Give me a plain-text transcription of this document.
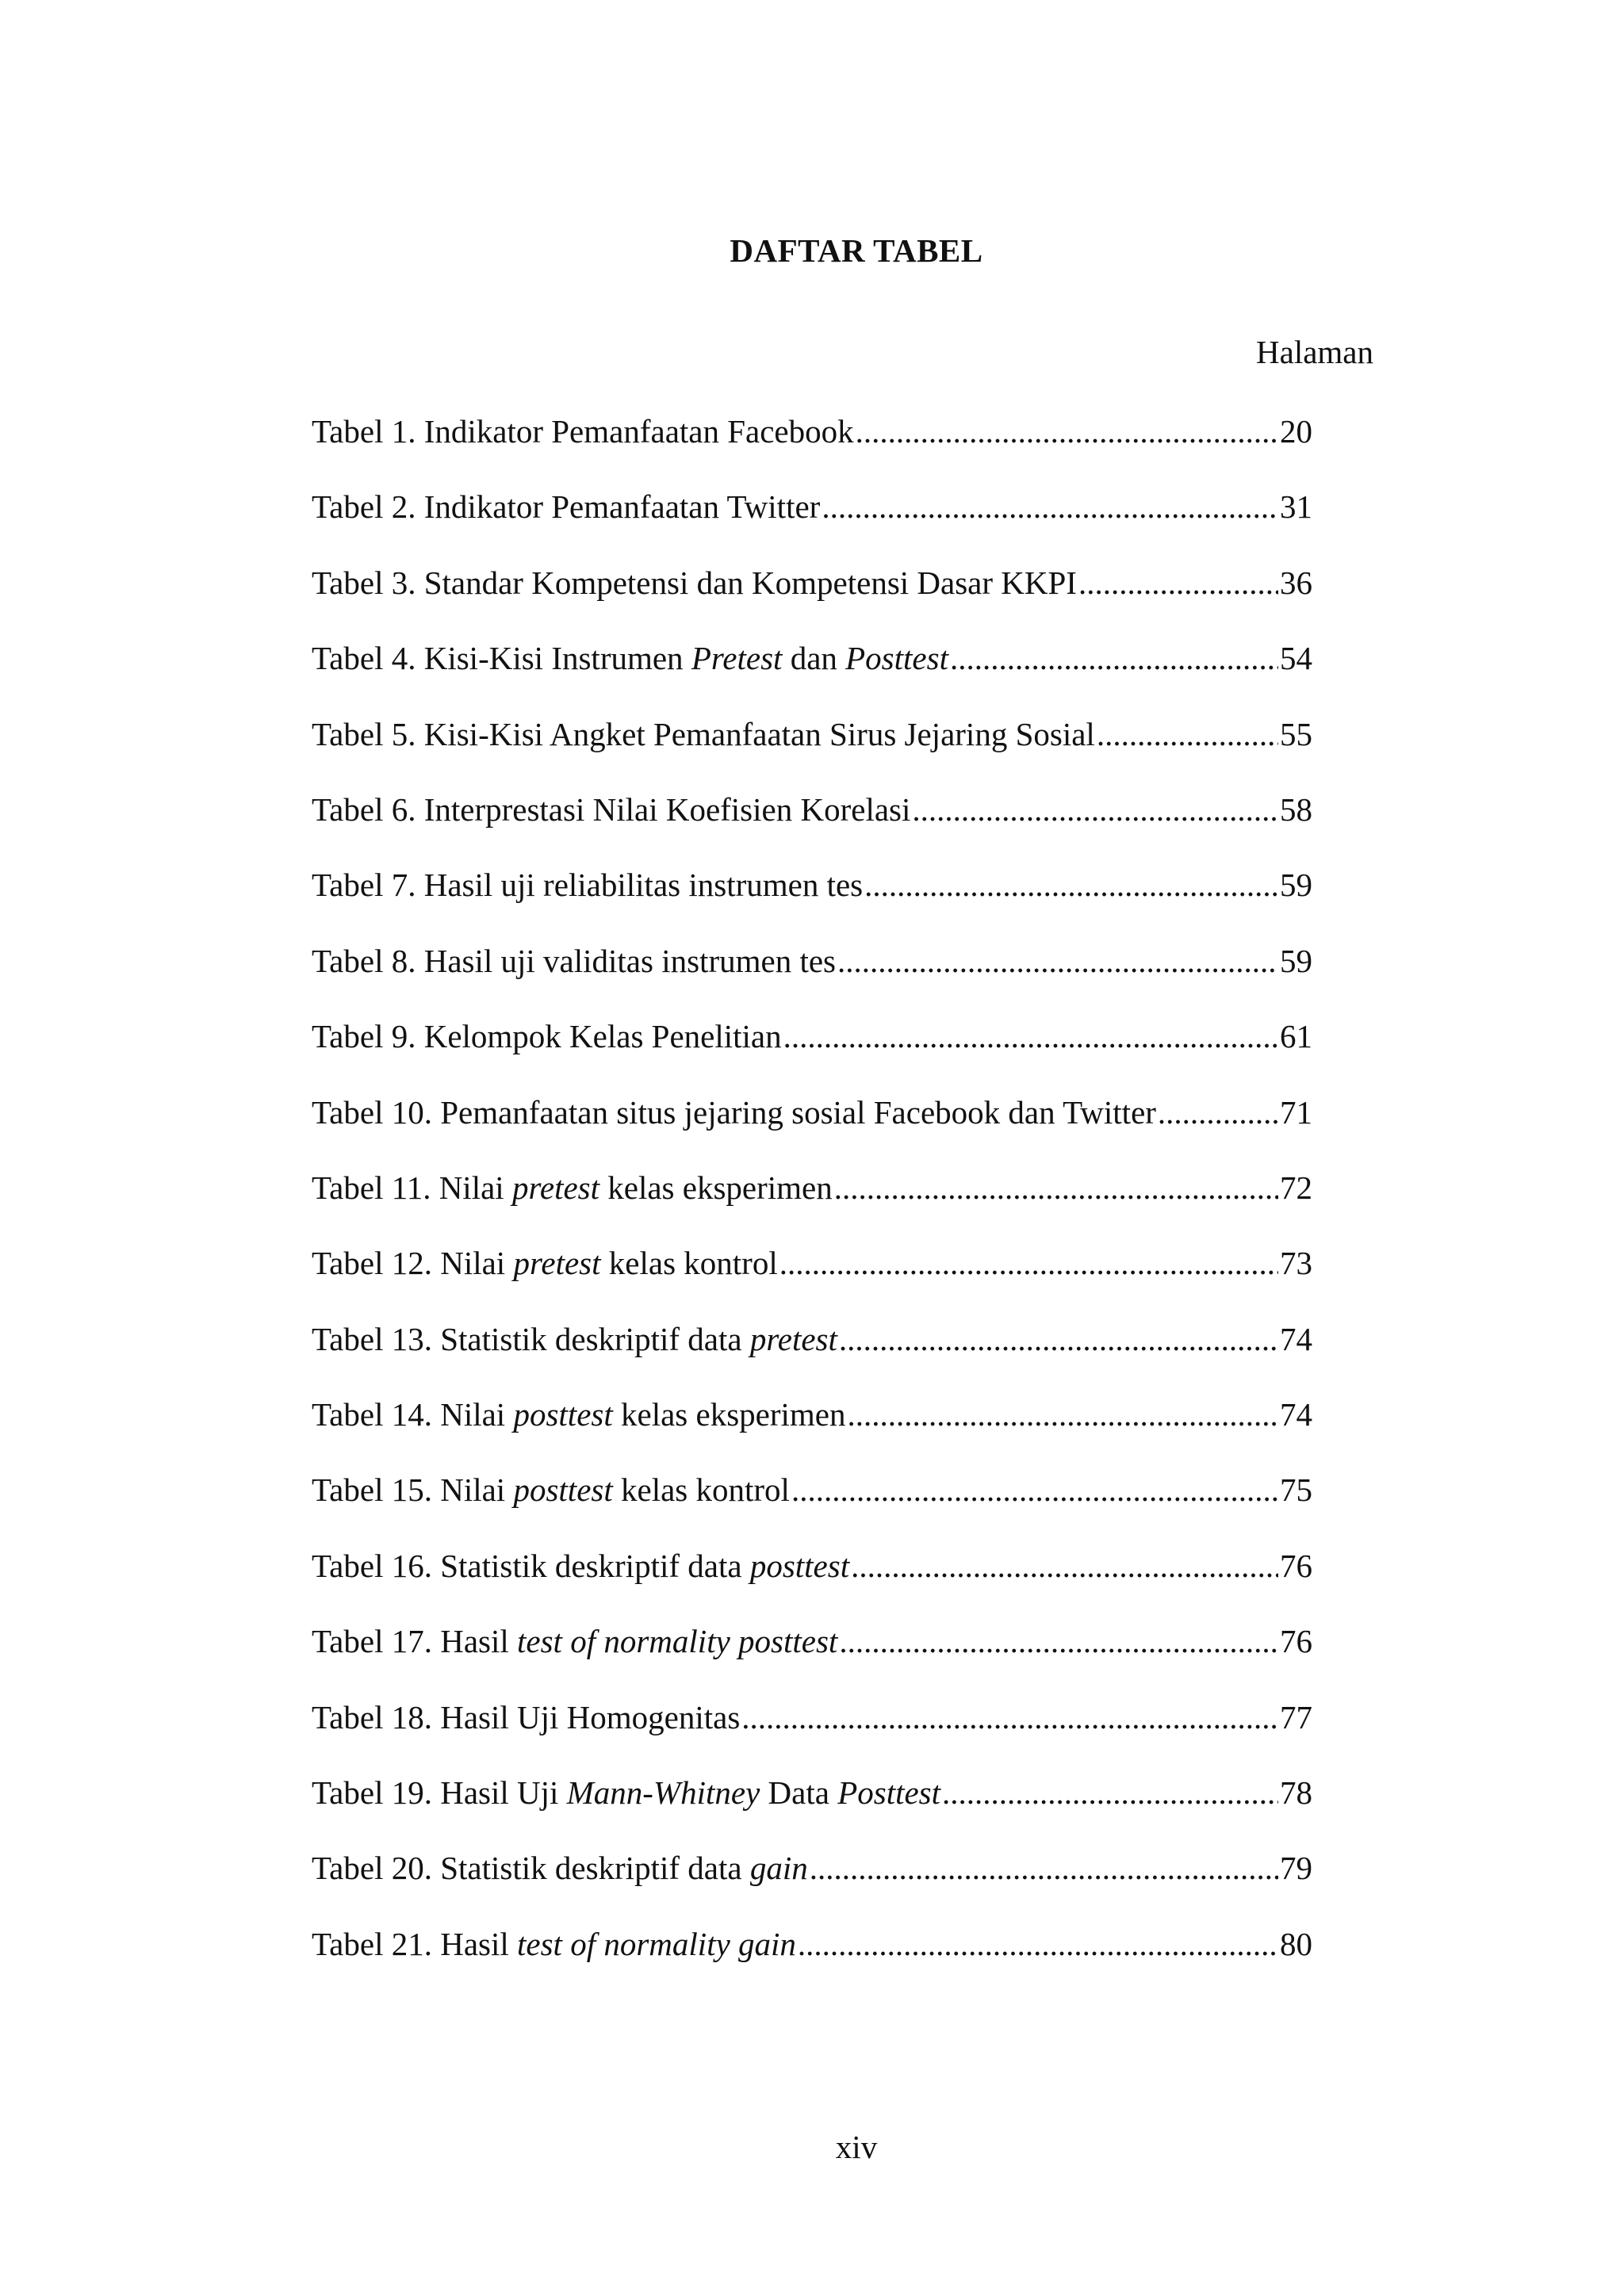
DAFTAR TABEL
Halaman
Tabel 1. Indikator Pemanfaatan Facebook .....	20
Tabel 2. Indikator Pemanfaatan Twitter .....	31
Tabel 3. Standar Kompetensi dan Kompetensi Dasar KKPI .....	36
Tabel 4. Kisi-Kisi Instrumen Pretest dan Posttest .....	54
Tabel 5. Kisi-Kisi Angket Pemanfaatan Sirus Jejaring Sosial .....	55
Tabel 6. Interprestasi Nilai Koefisien Korelasi .....	58
Tabel 7. Hasil uji reliabilitas instrumen tes .....	59
Tabel 8. Hasil uji validitas instrumen tes .....	59
Tabel 9. Kelompok Kelas Penelitian .....	61
Tabel 10. Pemanfaatan situs jejaring sosial Facebook dan Twitter .....	71
Tabel 11. Nilai pretest kelas eksperimen .....	72
Tabel 12. Nilai pretest kelas kontrol .....	73
Tabel 13. Statistik deskriptif data pretest .....	74
Tabel 14. Nilai posttest kelas eksperimen .....	74
Tabel 15. Nilai posttest kelas kontrol .....	75
Tabel 16. Statistik deskriptif data posttest .....	76
Tabel 17. Hasil test of normality posttest .....	76
Tabel 18. Hasil Uji Homogenitas .....	77
Tabel 19. Hasil Uji Mann-Whitney Data Posttest .....	78
Tabel 20. Statistik deskriptif data gain .....	79
Tabel 21. Hasil test of normality gain .....	80
xiv
